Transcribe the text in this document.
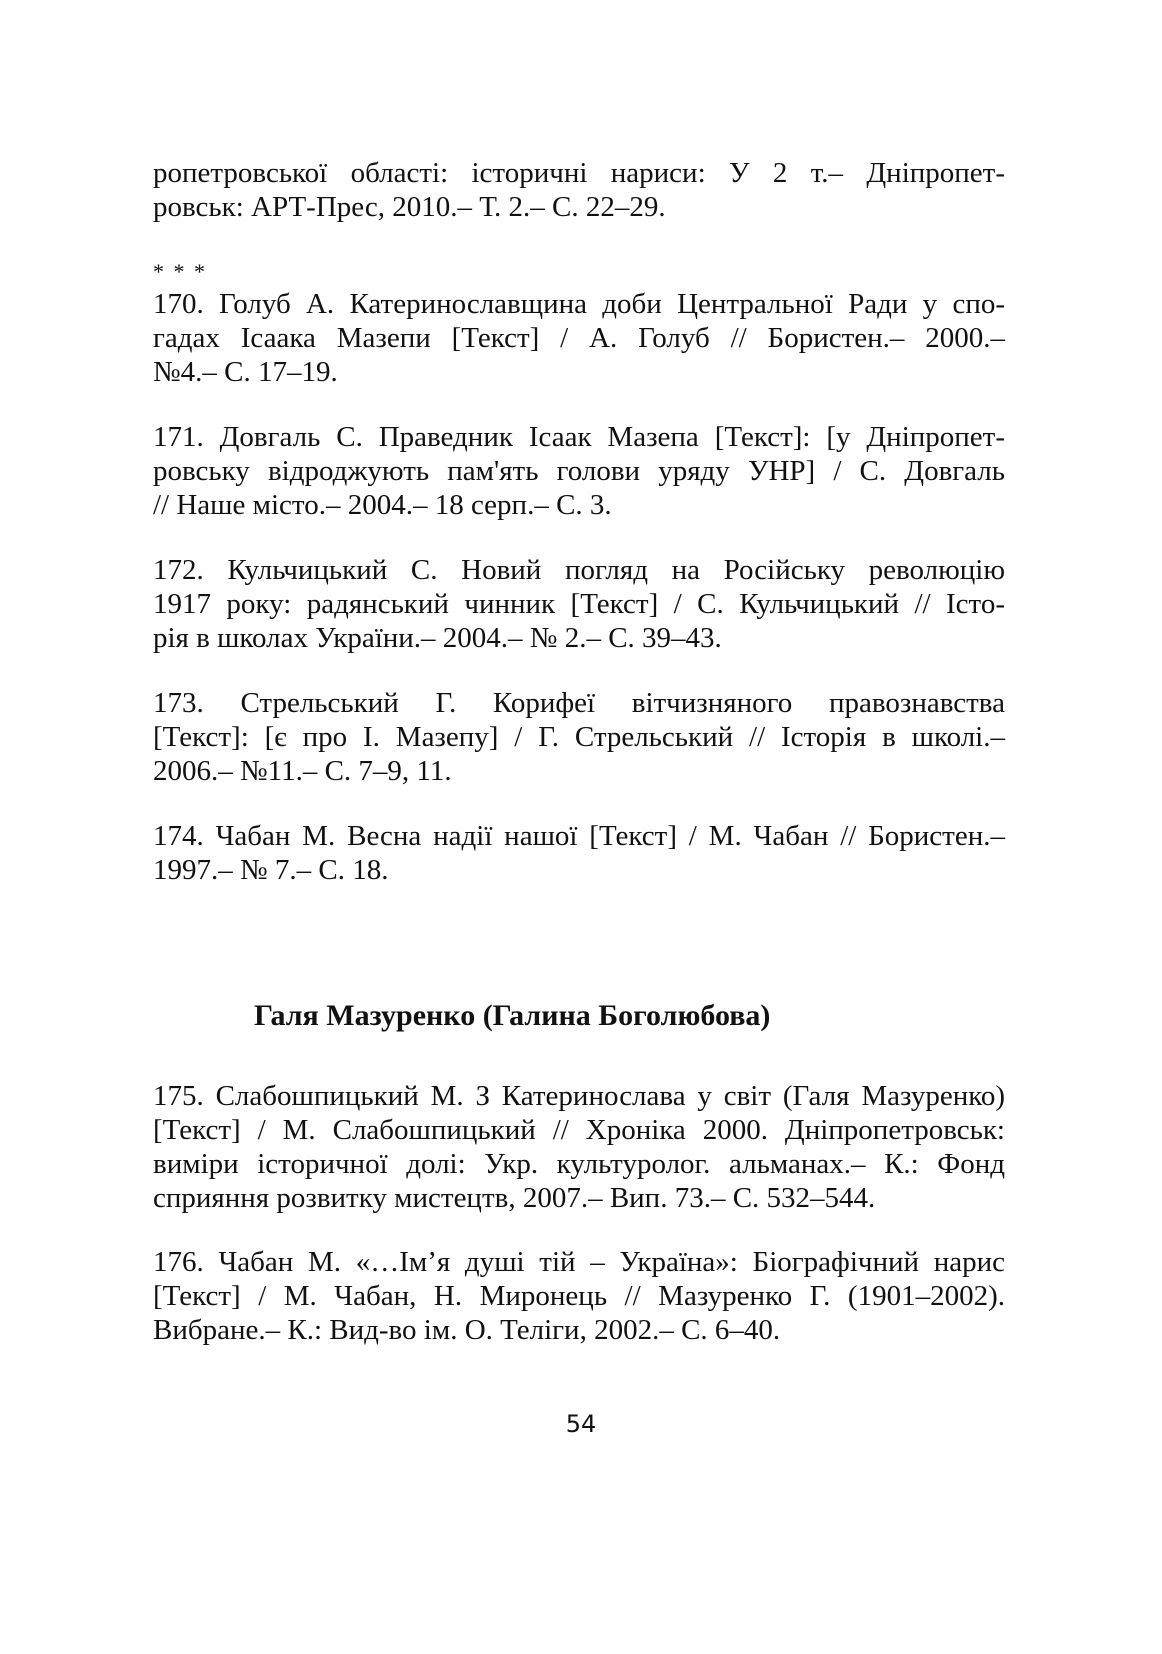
ропетровської області: історичні нариси: У 2 т.– Дніпропет-
ровськ: АРТ-Прес, 2010.– Т. 2.– С. 22–29.
* * *
170. Голуб А. Катеринославщина доби Центральної Ради у спо-
гадах Ісаака Мазепи [Текст] / А. Голуб // Бористен.– 2000.–
№4.– С. 17–19.
171. Довгаль С. Праведник Ісаак Мазепа [Текст]: [у Дніпропет-
ровську відроджують пам'ять голови уряду УНР] / С. Довгаль
// Наше місто.– 2004.– 18 серп.– С. 3.
172. Кульчицький С. Новий погляд на Російську революцію
1917 року: радянський чинник [Текст] / С. Кульчицький // Істо-
рія в школах України.– 2004.– № 2.– С. 39–43.
173. Стрельський Г. Корифеї вітчизняного правознавства
[Текст]: [є про І. Мазепу] / Г. Стрельський // Історія в школі.–
2006.– №11.– С. 7–9, 11.
174. Чабан М. Весна надії нашої [Текст] / М. Чабан // Бористен.–
1997.– № 7.– С. 18.
Галя Мазуренко (Галина Боголюбова)
175. Слабошпицький М. З Катеринослава у світ (Галя Мазуренко)
[Текст] / М. Слабошпицький // Хроніка 2000. Дніпропетровськ:
виміри історичної долі: Укр. культуролог. альманах.– К.: Фонд
сприяння розвитку мистецтв, 2007.– Вип. 73.– С. 532–544.
176. Чабан М. «…Ім’я душі тій – Україна»: Біографічний нарис
[Текст] / М. Чабан, Н. Миронець // Мазуренко Г. (1901–2002).
Вибране.– К.: Вид-во ім. О. Теліги, 2002.– С. 6–40.
54
